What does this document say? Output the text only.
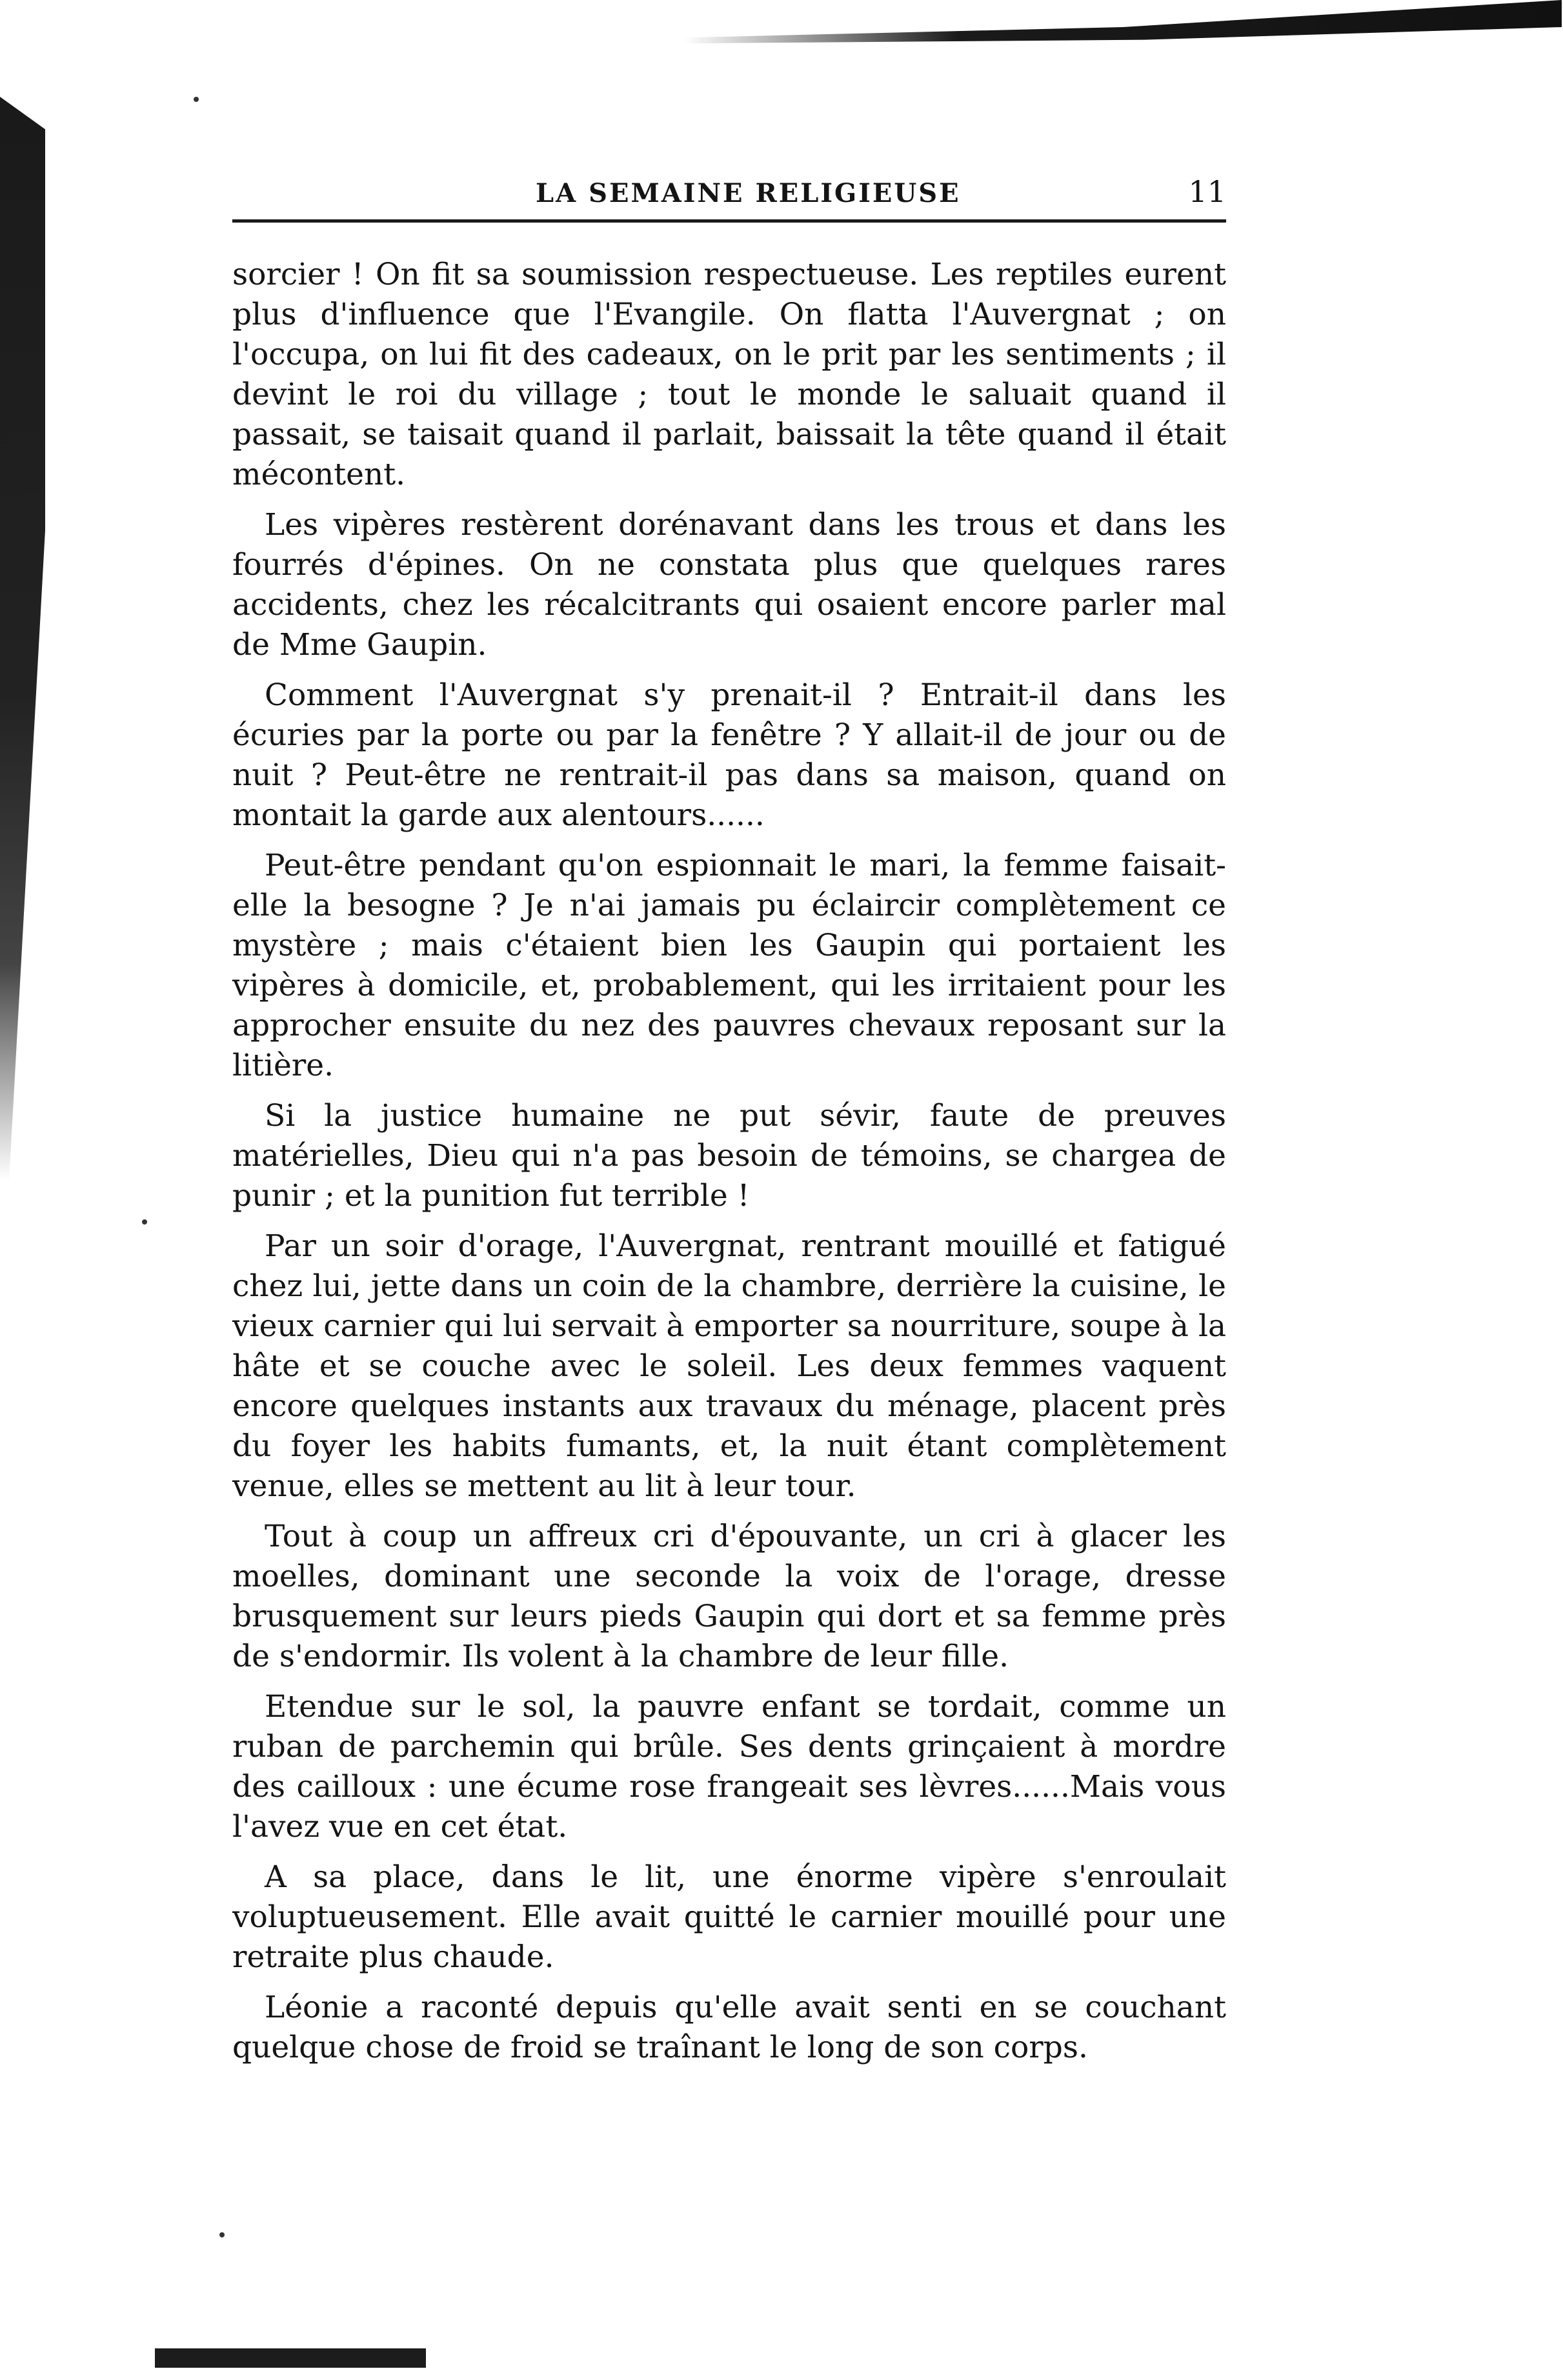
LA SEMAINE RELIGIEUSE	11

sorcier ! On fit sa soumission respectueuse. Les reptiles eurent plus d'influence que l'Evangile. On flatta l'Auvergnat ; on l'occupa, on lui fit des cadeaux, on le prit par les sentiments ; il devint le roi du village ; tout le monde le saluait quand il passait, se taisait quand il parlait, baissait la tête quand il était mécontent.

Les vipères restèrent dorénavant dans les trous et dans les fourrés d'épines. On ne constata plus que quelques rares accidents, chez les récalcitrants qui osaient encore parler mal de Mme Gaupin.

Comment l'Auvergnat s'y prenait-il ? Entrait-il dans les écuries par la porte ou par la fenêtre ? Y allait-il de jour ou de nuit ? Peut-être ne rentrait-il pas dans sa maison, quand on montait la garde aux alentours......

Peut-être pendant qu'on espionnait le mari, la femme faisait-elle la besogne ? Je n'ai jamais pu éclaircir complètement ce mystère ; mais c'étaient bien les Gaupin qui portaient les vipères à domicile, et, probablement, qui les irritaient pour les approcher ensuite du nez des pauvres chevaux reposant sur la litière.

Si la justice humaine ne put sévir, faute de preuves matérielles, Dieu qui n'a pas besoin de témoins, se chargea de punir ; et la punition fut terrible !

Par un soir d'orage, l'Auvergnat, rentrant mouillé et fatigué chez lui, jette dans un coin de la chambre, derrière la cuisine, le vieux carnier qui lui servait à emporter sa nourriture, soupe à la hâte et se couche avec le soleil. Les deux femmes vaquent encore quelques instants aux travaux du ménage, placent près du foyer les habits fumants, et, la nuit étant complètement venue, elles se mettent au lit à leur tour.

Tout à coup un affreux cri d'épouvante, un cri à glacer les moelles, dominant une seconde la voix de l'orage, dresse brusquement sur leurs pieds Gaupin qui dort et sa femme près de s'endormir. Ils volent à la chambre de leur fille.

Etendue sur le sol, la pauvre enfant se tordait, comme un ruban de parchemin qui brûle. Ses dents grinçaient à mordre des cailloux : une écume rose frangeait ses lèvres......Mais vous l'avez vue en cet état.

A sa place, dans le lit, une énorme vipère s'enroulait voluptueusement. Elle avait quitté le carnier mouillé pour une retraite plus chaude.

Léonie a raconté depuis qu'elle avait senti en se couchant quelque chose de froid se traînant le long de son corps.
